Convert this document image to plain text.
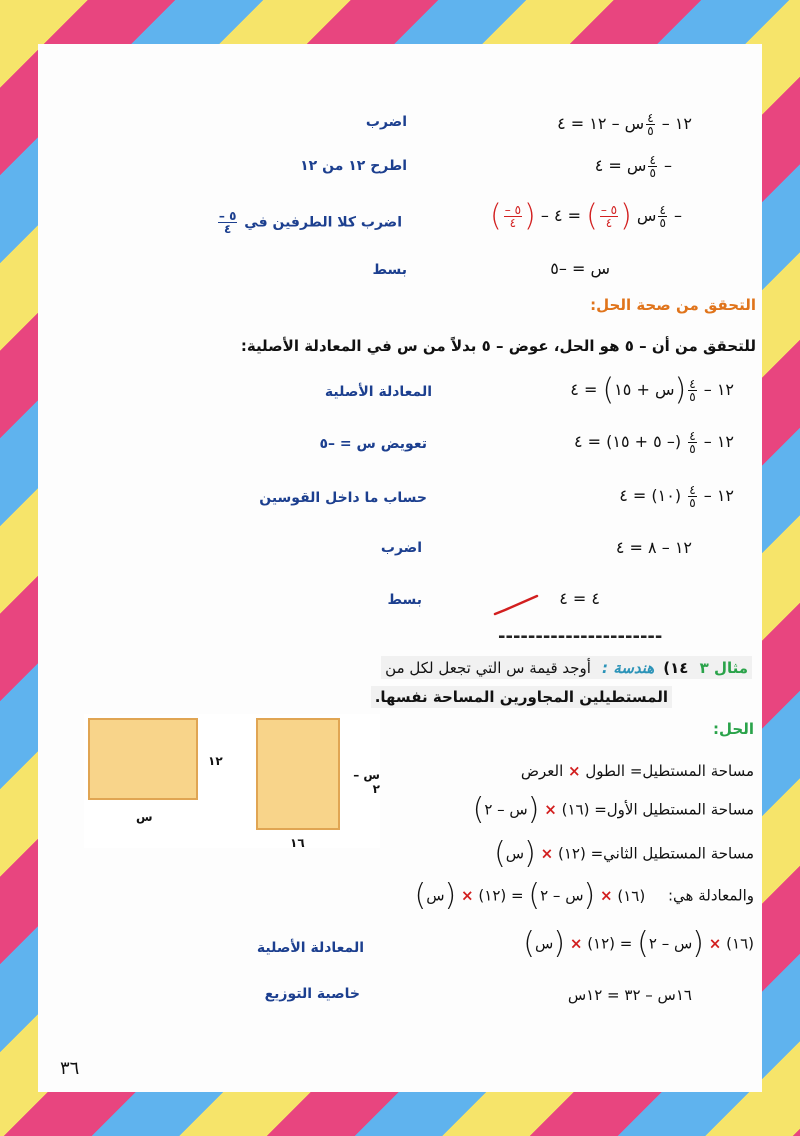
١٢ –
$\frac{٤}{٥}$
س – ١٢ = ٤
اضرب
–
$\frac{٤}{٥}$
س = ٤
اطرح ١٢ من ١٢
–
$\frac{٤}{٥}$
س (
$\frac{٥ -}{٤}$
) = ٤ – (
$\frac{٥ -}{٤}$
)
اضرب كلا الطرفين في
$\frac{٥ -}{٤}$
س = –٥
بسط
التحقق من صحة الحل:
للتحقق من أن – ٥ هو الحل، عوض – ٥ بدلاً من س في المعادلة الأصلية:
١٢ –
$\frac{٤}{٥}$
(س + ١٥) = ٤
المعادلة الأصلية
١٢ –
$\frac{٤}{٥}$
(– ٥ + ١٥) = ٤
تعويض س = –٥
١٢ –
$\frac{٤}{٥}$
(١٠) = ٤
حساب ما داخل القوسين
١٢ – ٨ = ٤
اضرب
٤ = ٤
بسط
----------------------
مثال ٣ ١٤) هندسة : أوجد قيمة س التي تجعل لكل من
المستطيلين المجاورين المساحة نفسها.
١٢
س
س – ٢
١٦
الحل:
مساحة المستطيل= الطول × العرض
مساحة المستطيل الأول= (١٦) × (س – ٢)
مساحة المستطيل الثاني= (١٢) × (س)
والمعادلة هي: (١٦) × (س – ٢) = (١٢) × (س)
(١٦) × (س – ٢) = (١٢) × (س)
المعادلة الأصلية
١٦س – ٣٢ = ١٢س
خاصية التوزيع
٣٦
